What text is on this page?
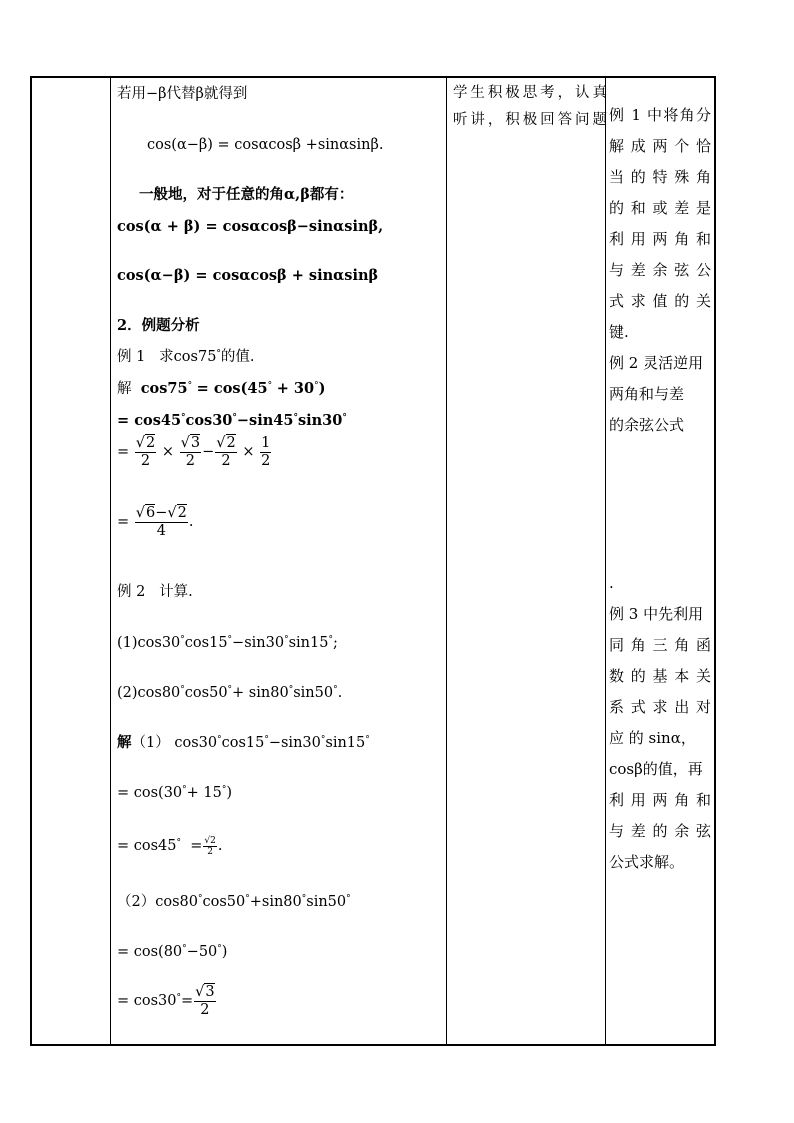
若用−β代替β就得到
cos(α−β) = cosαcosβ +sinαsinβ.
一般地，对于任意的角α,β都有：
cos(α + β) = cosαcosβ−sinαsinβ,
cos(α−β) = cosαcosβ + sinαsinβ
2．例题分析
例 1 求cos75°的值.
解 cos75° = cos(45° + 30°)
= cos45°cos30°−sin45°sin30°
= $\frac{√2}{2} \times \frac{√3}{2} - \frac{√2}{2} \times \frac{1}{2}$
= $\frac{√6-√2}{4}$ .
例 2 计算.
(1)cos30°cos15°−sin30°sin15°;
(2)cos80°cos50°+ sin80°sin50°.
解（1） cos30°cos15°−sin30°sin15°
= cos(30°+ 15°)
= $\cos 45^\circ = \frac{√2}{2}$ .
（2）cos80°cos50°+sin80°sin50°
= cos(80°−50°)
= $\cos 30^\circ= \frac{√3}{2}$
学生积极思考，认真
听讲，积极回答问题 例 1 中将角分
解成两个恰
当的特殊角
的和或差是
利用两角和
与差余弦公
式求值的关
键.
例 2 灵活逆用
两角和与差
的余弦公式
.
例 3 中先利用
同角三角函
数的基本关
系式求出对
应 的 sinα，
cosβ的值，再
利用两角和
与差的余弦
公式求解。
